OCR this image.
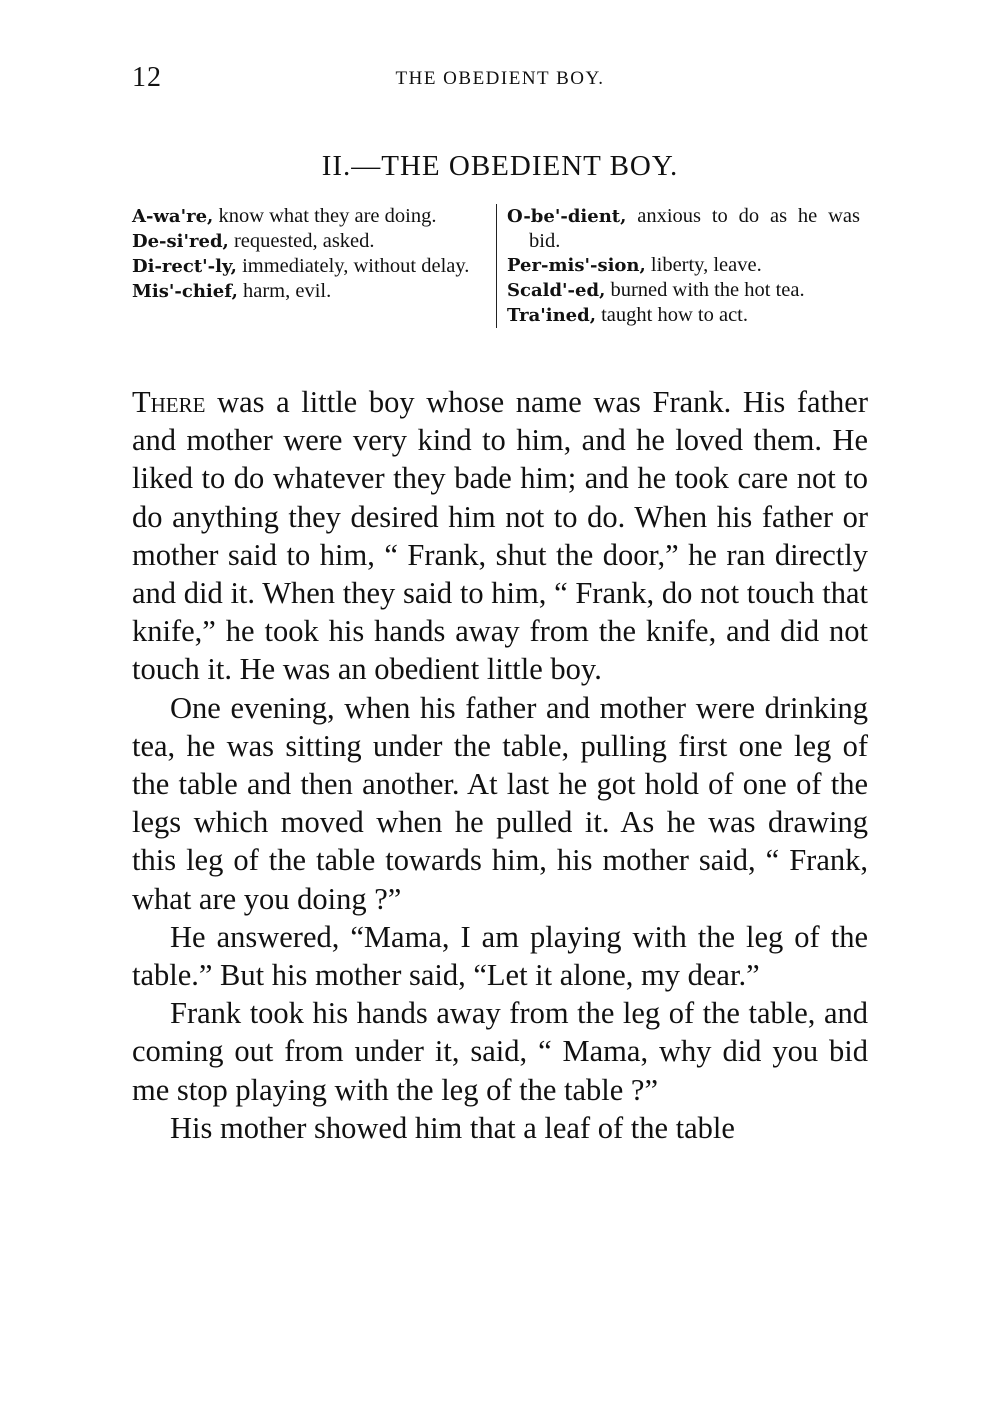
12	THE OBEDIENT BOY.
II.—THE OBEDIENT BOY.
A-wa're, know what they are doing.
De-si'red, requested, asked.
Di-rect'-ly, immediately, without delay.
Mis'-chief, harm, evil.
O-be'-dient, anxious to do as he was bid.
Per-mis'-sion, liberty, leave.
Scald'-ed, burned with the hot tea.
Tra'ined, taught how to act.

There was a little boy whose name was Frank. His father and mother were very kind to him, and he loved them. He liked to do whatever they bade him; and he took care not to do anything they desired him not to do. When his father or mother said to him, “ Frank, shut the door,” he ran directly and did it. When they said to him, “ Frank, do not touch that knife,” he took his hands away from the knife, and did not touch it. He was an obedient little boy.

One evening, when his father and mother were drinking tea, he was sitting under the table, pulling first one leg of the table and then another. At last he got hold of one of the legs which moved when he pulled it. As he was drawing this leg of the table towards him, his mother said, “ Frank, what are you doing ?”

He answered, “Mama, I am playing with the leg of the table.” But his mother said, “Let it alone, my dear.”

Frank took his hands away from the leg of the table, and coming out from under it, said, “ Mama, why did you bid me stop playing with the leg of the table ?”

His mother showed him that a leaf of the table
